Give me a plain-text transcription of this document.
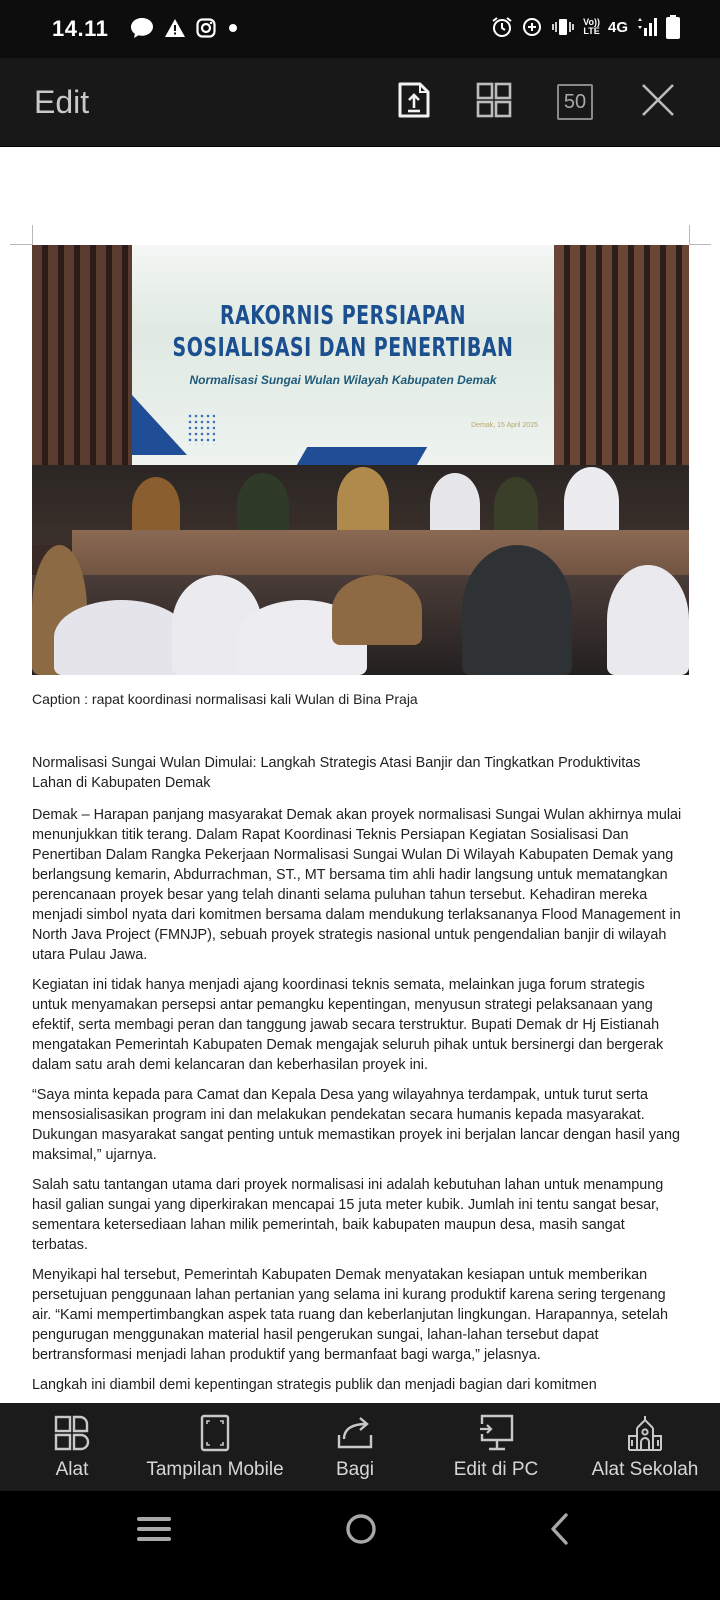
14.11	Vo))
LTE 4G
Edit	50
RAKORNIS PERSIAPAN
SOSIALISASI DAN PENERTIBAN
Normalisasi Sungai Wulan Wilayah Kabupaten Demak
Demak, 15 April 2025
Caption : rapat koordinasi normalisasi kali Wulan di Bina Praja

Normalisasi Sungai Wulan Dimulai: Langkah Strategis Atasi Banjir dan Tingkatkan Produktivitas Lahan di Kabupaten Demak

Demak – Harapan panjang masyarakat Demak akan proyek normalisasi Sungai Wulan akhirnya mulai menunjukkan titik terang. Dalam Rapat Koordinasi Teknis Persiapan Kegiatan Sosialisasi Dan Penertiban Dalam Rangka Pekerjaan Normalisasi Sungai Wulan Di Wilayah Kabupaten Demak yang berlangsung kemarin, Abdurrachman, ST., MT bersama tim ahli hadir langsung untuk mematangkan perencanaan proyek besar yang telah dinanti selama puluhan tahun tersebut. Kehadiran mereka menjadi simbol nyata dari komitmen bersama dalam mendukung terlaksananya Flood Management in North Java Project (FMNJP), sebuah proyek strategis nasional untuk pengendalian banjir di wilayah utara Pulau Jawa.

Kegiatan ini tidak hanya menjadi ajang koordinasi teknis semata, melainkan juga forum strategis untuk menyamakan persepsi antar pemangku kepentingan, menyusun strategi pelaksanaan yang efektif, serta membagi peran dan tanggung jawab secara terstruktur. Bupati Demak dr Hj Eistianah mengatakan Pemerintah Kabupaten Demak mengajak seluruh pihak untuk bersinergi dan bergerak dalam satu arah demi kelancaran dan keberhasilan proyek ini.

“Saya minta kepada para Camat dan Kepala Desa yang wilayahnya terdampak, untuk turut serta mensosialisasikan program ini dan melakukan pendekatan secara humanis kepada masyarakat. Dukungan masyarakat sangat penting untuk memastikan proyek ini berjalan lancar dengan hasil yang maksimal,” ujarnya.

Salah satu tantangan utama dari proyek normalisasi ini adalah kebutuhan lahan untuk menampung hasil galian sungai yang diperkirakan mencapai 15 juta meter kubik. Jumlah ini tentu sangat besar, sementara ketersediaan lahan milik pemerintah, baik kabupaten maupun desa, masih sangat terbatas.

Menyikapi hal tersebut, Pemerintah Kabupaten Demak menyatakan kesiapan untuk memberikan persetujuan penggunaan lahan pertanian yang selama ini kurang produktif karena sering tergenang air. “Kami mempertimbangkan aspek tata ruang dan keberlanjutan lingkungan. Harapannya, setelah pengurugan menggunakan material hasil pengerukan sungai, lahan-lahan tersebut dapat bertransformasi menjadi lahan produktif yang bermanfaat bagi warga,” jelasnya.

Langkah ini diambil demi kepentingan strategis publik dan menjadi bagian dari komitmen

Alat	Tampilan Mobile	Bagi	Edit di PC	Alat Sekolah
